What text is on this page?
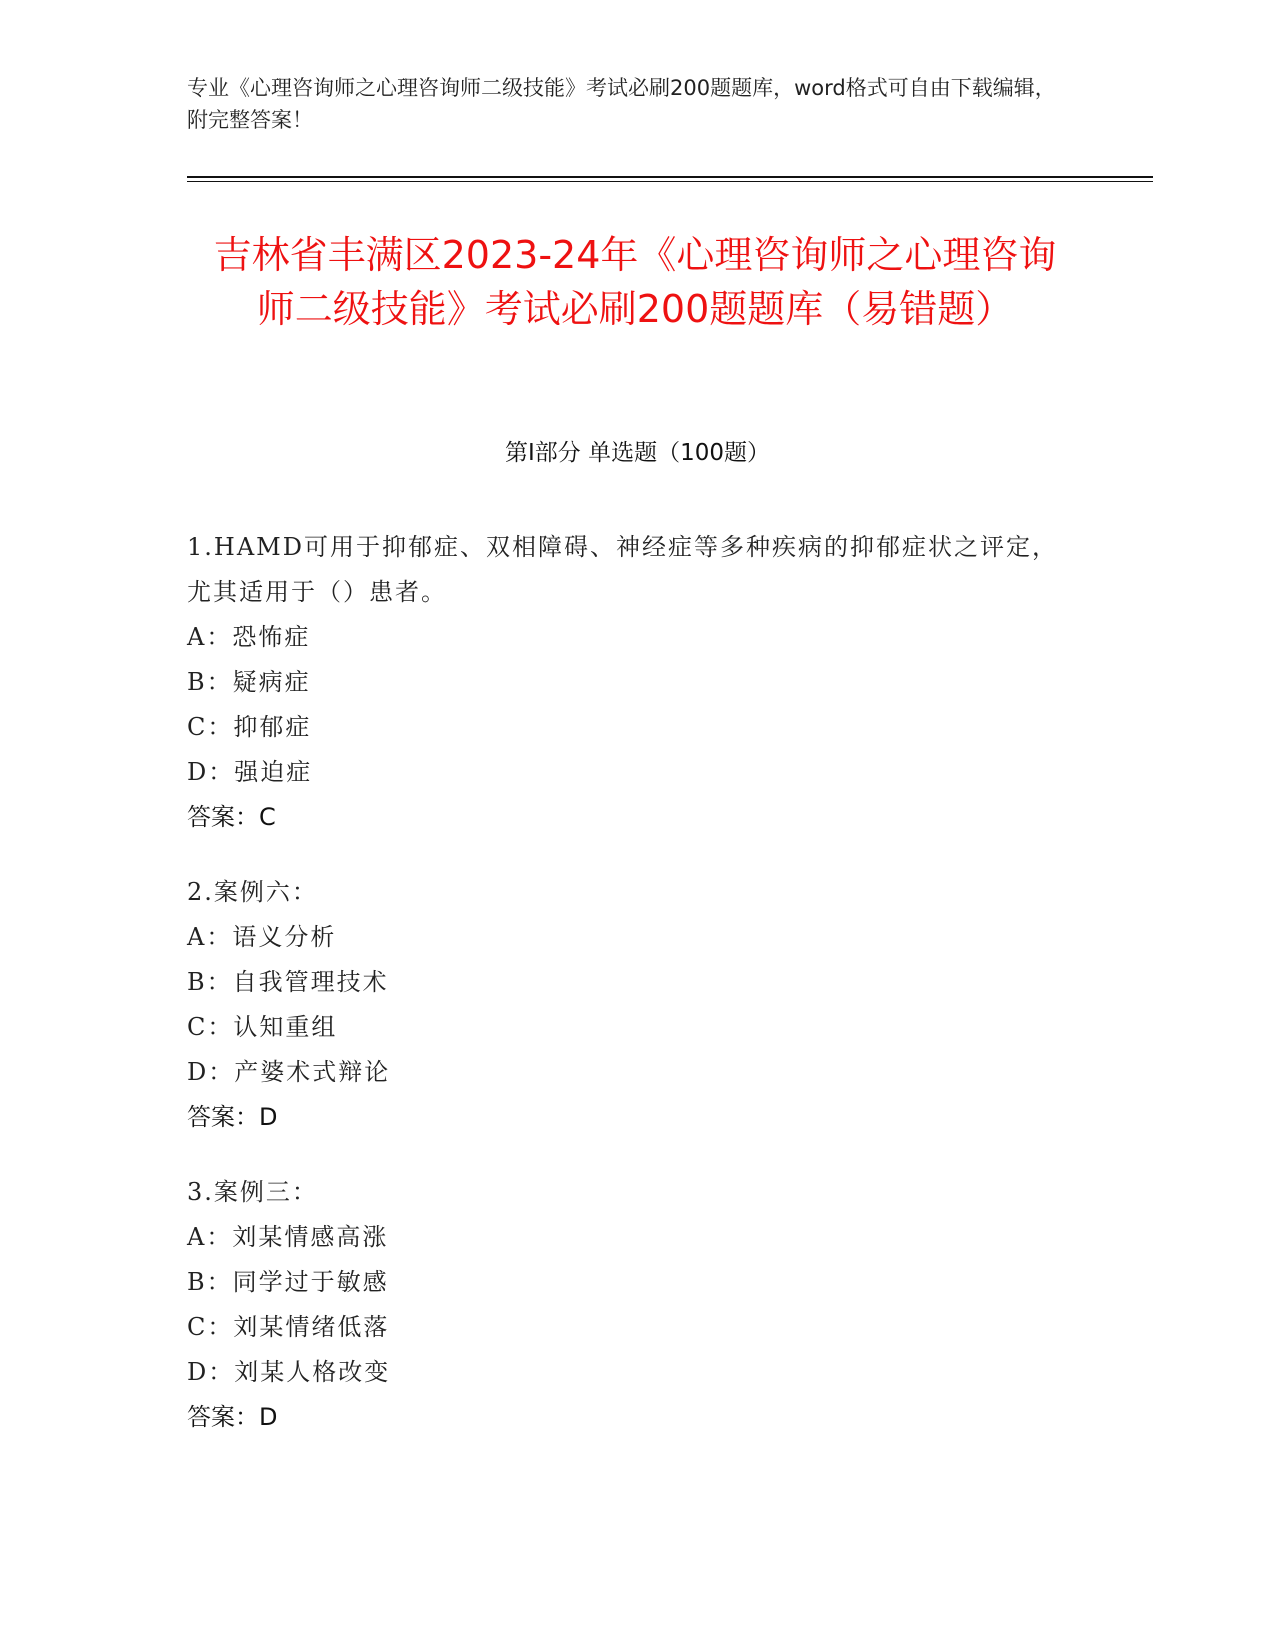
专业《心理咨询师之心理咨询师二级技能》考试必刷200题题库，word格式可自由下载编辑，附完整答案！
吉林省丰满区2023-24年《心理咨询师之心理咨询师二级技能》考试必刷200题题库（易错题）
第I部分 单选题（100题）
1.HAMD可用于抑郁症、双相障碍、神经症等多种疾病的抑郁症状之评定，尤其适用于（）患者。
A：恐怖症
B：疑病症
C：抑郁症
D：强迫症
答案：C
2.案例六：
A：语义分析
B：自我管理技术
C：认知重组
D：产婆术式辩论
答案：D
3.案例三：
A：刘某情感高涨
B：同学过于敏感
C：刘某情绪低落
D：刘某人格改变
答案：D
